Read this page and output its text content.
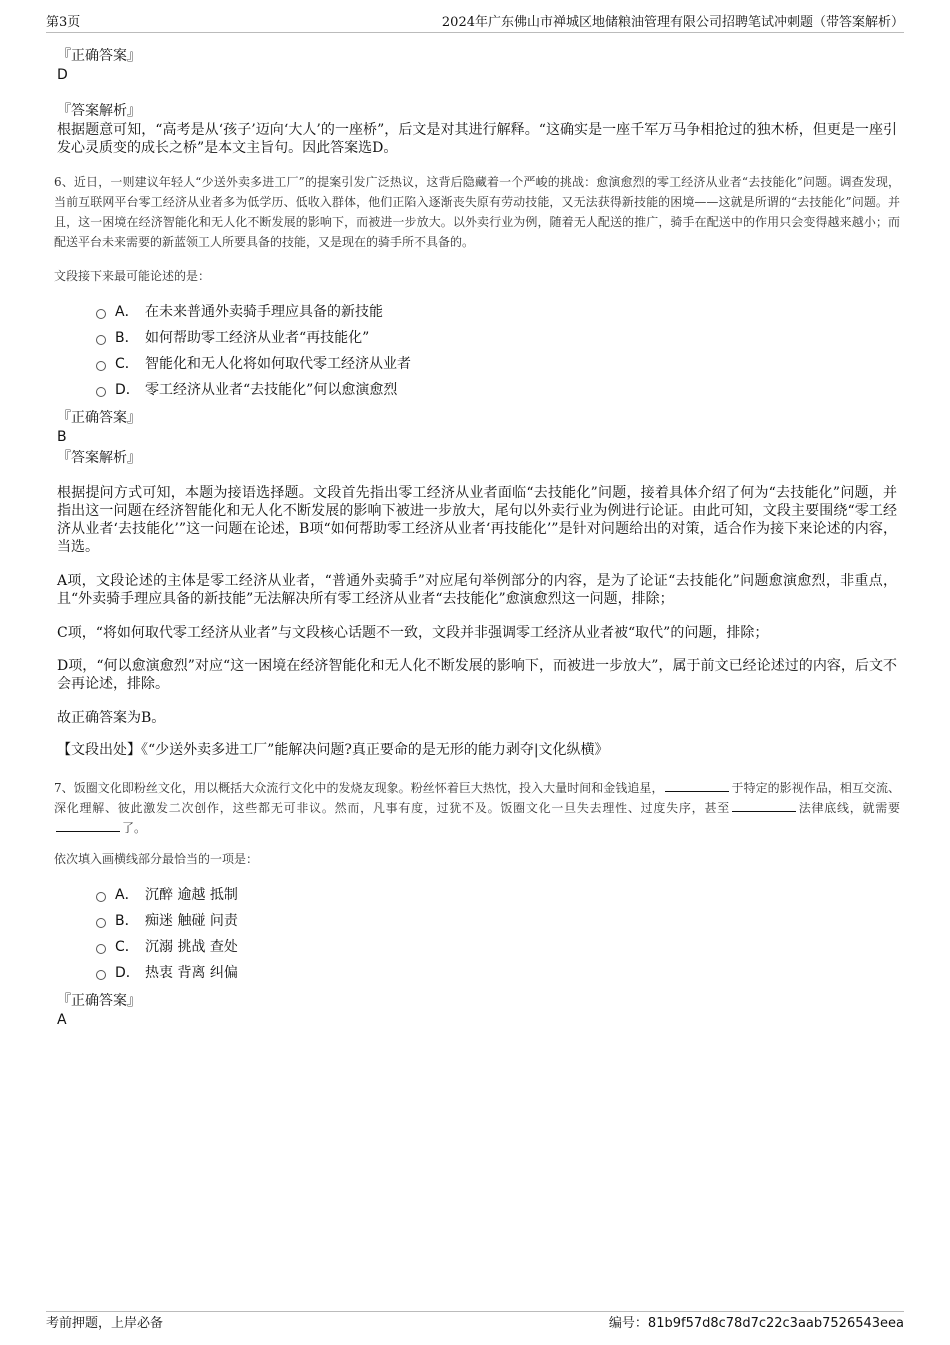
第3页	2024年广东佛山市禅城区地储粮油管理有限公司招聘笔试冲刺题（带答案解析）
『正确答案』
D
『答案解析』
根据题意可知，“高考是从‘孩子’迈向‘大人’的一座桥”，后文是对其进行解释。“这确实是一座千军万马争相抢过的独木桥，但更是一座引发心灵质变的成长之桥”是本文主旨句。因此答案选D。
6、近日，一则建议年轻人“少送外卖多进工厂”的提案引发广泛热议，这背后隐藏着一个严峻的挑战：愈演愈烈的零工经济从业者“去技能化”问题。调查发现，当前互联网平台零工经济从业者多为低学历、低收入群体，他们正陷入逐渐丧失原有劳动技能，又无法获得新技能的困境——这就是所谓的“去技能化”问题。并且，这一困境在经济智能化和无人化不断发展的影响下，而被进一步放大。以外卖行业为例，随着无人配送的推广，骑手在配送中的作用只会变得越来越小；而配送平台未来需要的新蓝领工人所要具备的技能，又是现在的骑手所不具备的。
文段接下来最可能论述的是：
A． 在未来普通外卖骑手理应具备的新技能
B． 如何帮助零工经济从业者“再技能化”
C． 智能化和无人化将如何取代零工经济从业者
D． 零工经济从业者“去技能化”何以愈演愈烈
『正确答案』
B
『答案解析』
根据提问方式可知，本题为接语选择题。文段首先指出零工经济从业者面临“去技能化”问题，接着具体介绍了何为“去技能化”问题，并指出这一问题在经济智能化和无人化不断发展的影响下被进一步放大，尾句以外卖行业为例进行论证。由此可知，文段主要围绕“零工经济从业者‘去技能化’”这一问题在论述，B项“如何帮助零工经济从业者‘再技能化’”是针对问题给出的对策，适合作为接下来论述的内容，当选。
A项，文段论述的主体是零工经济从业者，“普通外卖骑手”对应尾句举例部分的内容，是为了论证“去技能化”问题愈演愈烈，非重点，且“外卖骑手理应具备的新技能”无法解决所有零工经济从业者“去技能化”愈演愈烈这一问题，排除；
C项，“将如何取代零工经济从业者”与文段核心话题不一致，文段并非强调零工经济从业者被“取代”的问题，排除；
D项，“何以愈演愈烈”对应“这一困境在经济智能化和无人化不断发展的影响下，而被进一步放大”，属于前文已经论述过的内容，后文不会再论述，排除。
故正确答案为B。
【文段出处】《“少送外卖多进工厂”能解决问题?真正要命的是无形的能力剥夺|文化纵横》
7、饭圈文化即粉丝文化，用以概括大众流行文化中的发烧友现象。粉丝怀着巨大热忱，投入大量时间和金钱追星，	于特定的影视作品，相互交流、深化理解、彼此激发二次创作，这些都无可非议。然而，凡事有度，过犹不及。饭圈文化一旦失去理性、过度失序，甚至	法律底线，就需要了。
依次填入画横线部分最恰当的一项是：
A． 沉醉 逾越 抵制
B． 痴迷 触碰 问责
C． 沉溺 挑战 查处
D． 热衷 背离 纠偏
『正确答案』
A
考前押题，上岸必备	编号：81b9f57d8c78d7c22c3aab7526543eea
